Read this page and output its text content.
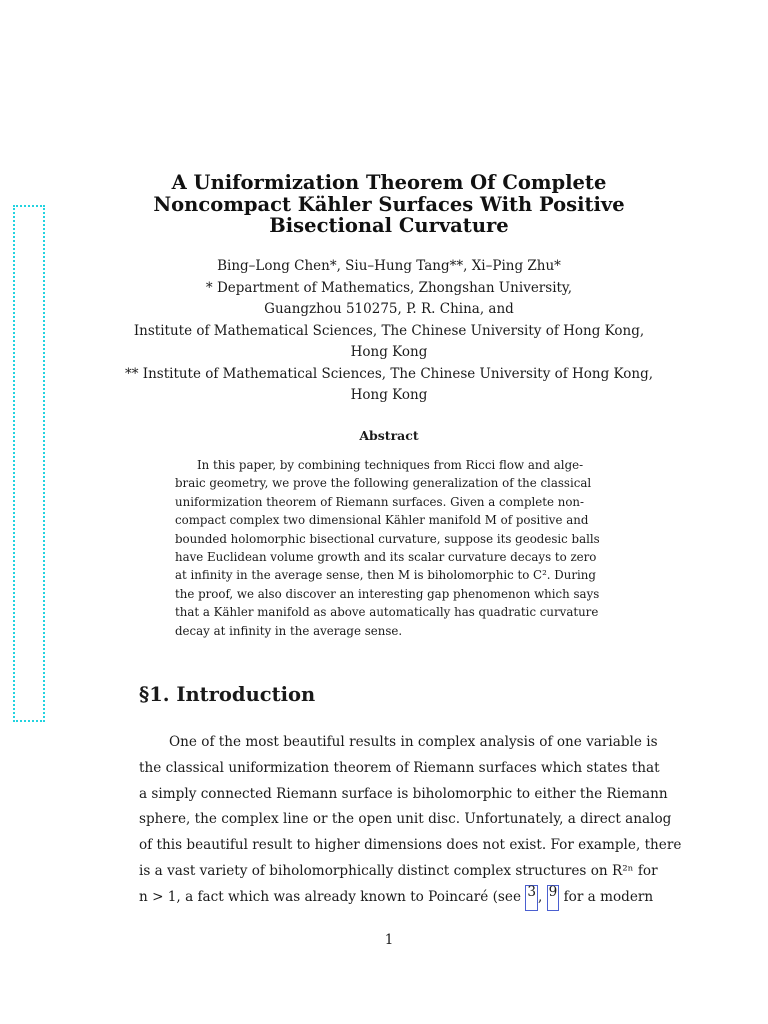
A Uniformization Theorem Of Complete
Noncompact Kähler Surfaces With Positive
Bisectional Curvature
Bing–Long Chen*, Siu–Hung Tang**, Xi–Ping Zhu*
* Department of Mathematics, Zhongshan University,
Guangzhou 510275, P. R. China, and
Institute of Mathematical Sciences, The Chinese University of Hong Kong,
Hong Kong
** Institute of Mathematical Sciences, The Chinese University of Hong Kong,
Hong Kong
Abstract
In this paper, by combining techniques from Ricci flow and alge-
braic geometry, we prove the following generalization of the classical
uniformization theorem of Riemann surfaces. Given a complete non-
compact complex two dimensional Kähler manifold M of positive and
bounded holomorphic bisectional curvature, suppose its geodesic balls
have Euclidean volume growth and its scalar curvature decays to zero
at infinity in the average sense, then M is biholomorphic to C². During
the proof, we also discover an interesting gap phenomenon which says
that a Kähler manifold as above automatically has quadratic curvature
decay at infinity in the average sense.
§1. Introduction
One of the most beautiful results in complex analysis of one variable is
the classical uniformization theorem of Riemann surfaces which states that
a simply connected Riemann surface is biholomorphic to either the Riemann
sphere, the complex line or the open unit disc. Unfortunately, a direct analog
of this beautiful result to higher dimensions does not exist. For example, there
is a vast variety of biholomorphically distinct complex structures on R²ⁿ for
n > 1, a fact which was already known to Poincaré (see 3 , 9 for a modern
1
